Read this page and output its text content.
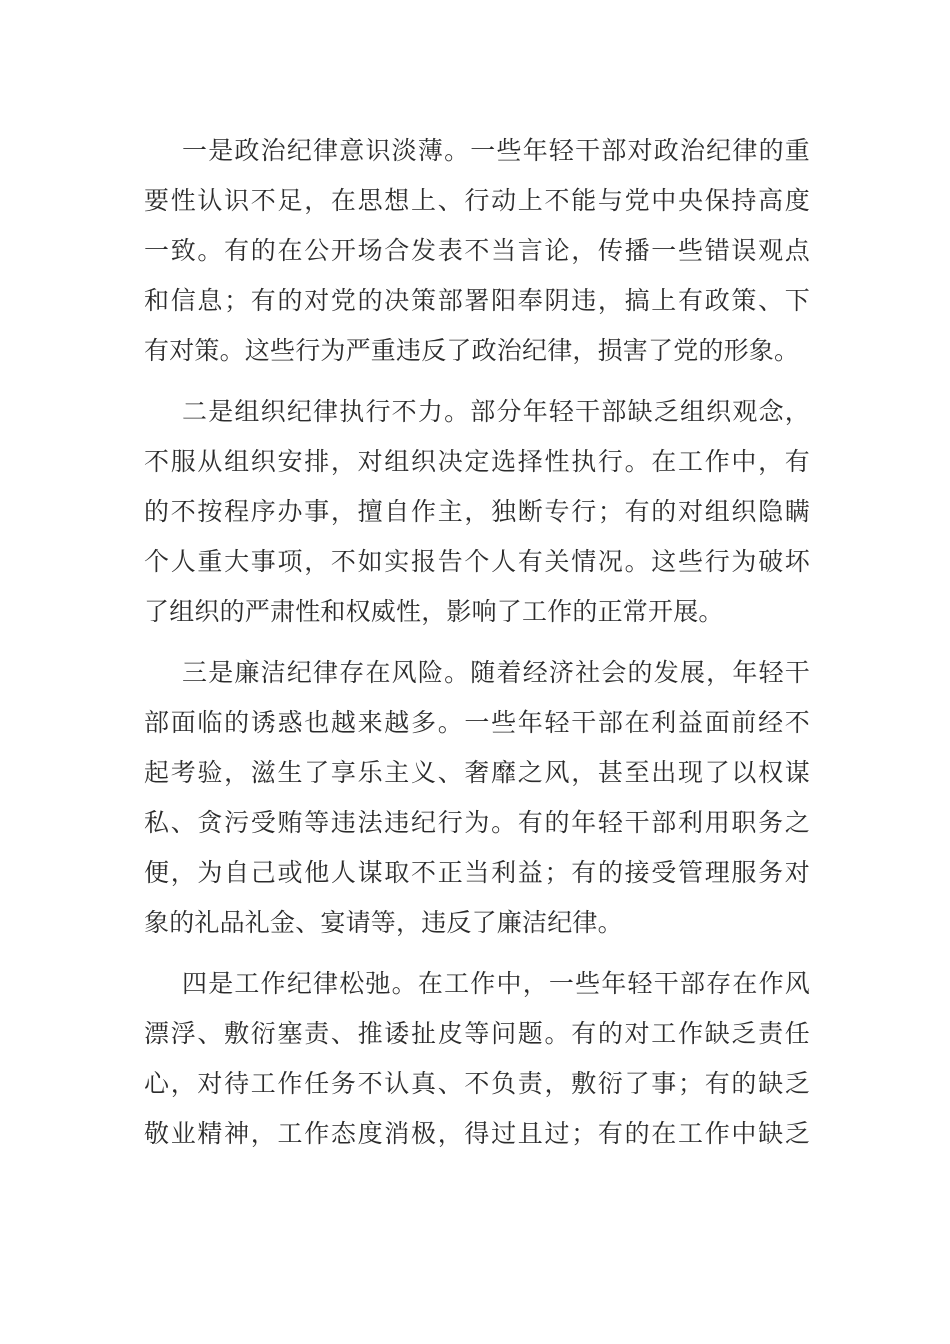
一是政治纪律意识淡薄。一些年轻干部对政治纪律的重
要性认识不足，在思想上、行动上不能与党中央保持高度
一致。有的在公开场合发表不当言论，传播一些错误观点
和信息；有的对党的决策部署阳奉阴违，搞上有政策、下
有对策。这些行为严重违反了政治纪律，损害了党的形象。

二是组织纪律执行不力。部分年轻干部缺乏组织观念，
不服从组织安排，对组织决定选择性执行。在工作中，有
的不按程序办事，擅自作主，独断专行；有的对组织隐瞒
个人重大事项，不如实报告个人有关情况。这些行为破坏
了组织的严肃性和权威性，影响了工作的正常开展。

三是廉洁纪律存在风险。随着经济社会的发展，年轻干
部面临的诱惑也越来越多。一些年轻干部在利益面前经不
起考验，滋生了享乐主义、奢靡之风，甚至出现了以权谋
私、贪污受贿等违法违纪行为。有的年轻干部利用职务之
便，为自己或他人谋取不正当利益；有的接受管理服务对
象的礼品礼金、宴请等，违反了廉洁纪律。

四是工作纪律松弛。在工作中，一些年轻干部存在作风
漂浮、敷衍塞责、推诿扯皮等问题。有的对工作缺乏责任
心，对待工作任务不认真、不负责，敷衍了事；有的缺乏
敬业精神，工作态度消极，得过且过；有的在工作中缺乏
